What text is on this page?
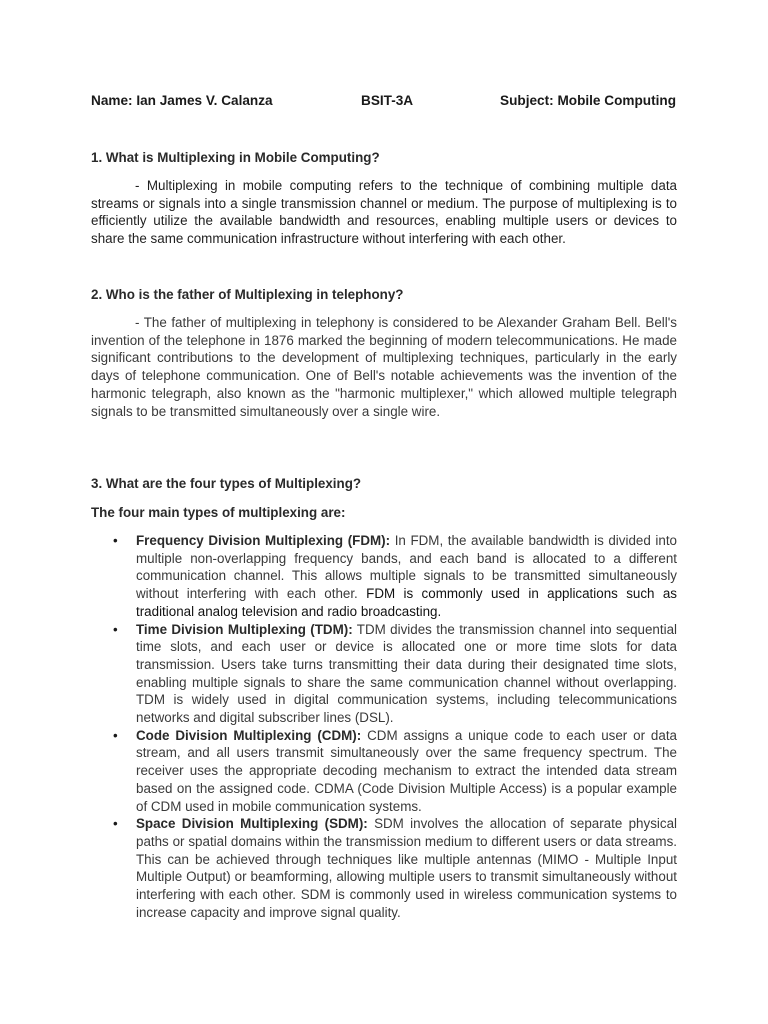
Name: Ian James V. Calanza	BSIT-3A	Subject: Mobile Computing
1. What is Multiplexing in Mobile Computing?
- Multiplexing in mobile computing refers to the technique of combining multiple data streams or signals into a single transmission channel or medium. The purpose of multiplexing is to efficiently utilize the available bandwidth and resources, enabling multiple users or devices to share the same communication infrastructure without interfering with each other.
2. Who is the father of Multiplexing in telephony?
- The father of multiplexing in telephony is considered to be Alexander Graham Bell. Bell's invention of the telephone in 1876 marked the beginning of modern telecommunications. He made significant contributions to the development of multiplexing techniques, particularly in the early days of telephone communication. One of Bell's notable achievements was the invention of the harmonic telegraph, also known as the "harmonic multiplexer," which allowed multiple telegraph signals to be transmitted simultaneously over a single wire.
3. What are the four types of Multiplexing?
The four main types of multiplexing are:
• Frequency Division Multiplexing (FDM): In FDM, the available bandwidth is divided into multiple non-overlapping frequency bands, and each band is allocated to a different communication channel. This allows multiple signals to be transmitted simultaneously without interfering with each other. FDM is commonly used in applications such as traditional analog television and radio broadcasting.
• Time Division Multiplexing (TDM): TDM divides the transmission channel into sequential time slots, and each user or device is allocated one or more time slots for data transmission. Users take turns transmitting their data during their designated time slots, enabling multiple signals to share the same communication channel without overlapping. TDM is widely used in digital communication systems, including telecommunications networks and digital subscriber lines (DSL).
• Code Division Multiplexing (CDM): CDM assigns a unique code to each user or data stream, and all users transmit simultaneously over the same frequency spectrum. The receiver uses the appropriate decoding mechanism to extract the intended data stream based on the assigned code. CDMA (Code Division Multiple Access) is a popular example of CDM used in mobile communication systems.
• Space Division Multiplexing (SDM): SDM involves the allocation of separate physical paths or spatial domains within the transmission medium to different users or data streams. This can be achieved through techniques like multiple antennas (MIMO - Multiple Input Multiple Output) or beamforming, allowing multiple users to transmit simultaneously without interfering with each other. SDM is commonly used in wireless communication systems to increase capacity and improve signal quality.
